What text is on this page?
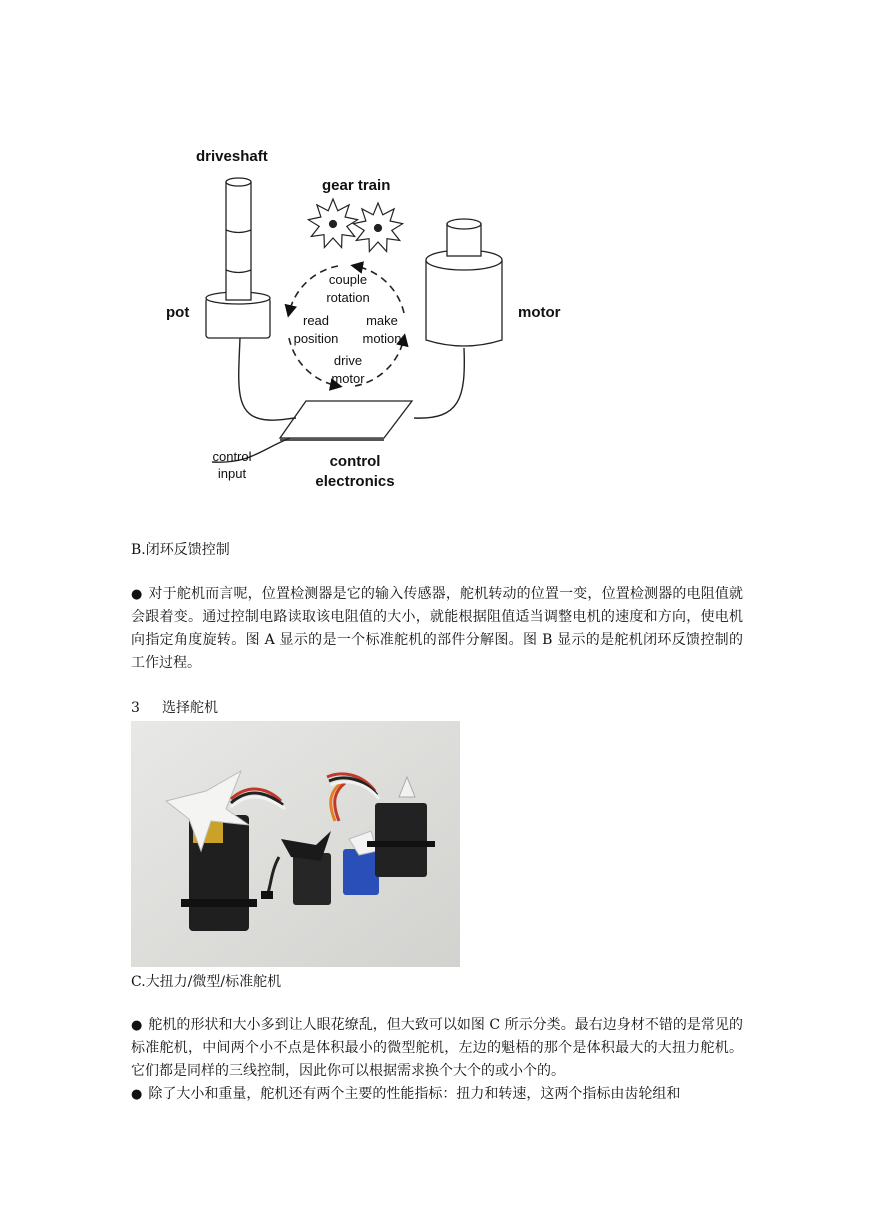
driveshaft
gear train
pot	motor
couple
rotation
read
position
make
motion
drive
motor
control
input
control
electronics
B.闭环反馈控制
● 对于舵机而言呢，位置检测器是它的输入传感器，舵机转动的位置一变，位置检测器的电阻值就会跟着变。通过控制电路读取该电阻值的大小，就能根据阻值适当调整电机的速度和方向，使电机向指定角度旋转。图 A 显示的是一个标准舵机的部件分解图。图 B 显示的是舵机闭环反馈控制的工作过程。
3 选择舵机
C.大扭力/微型/标准舵机
● 舵机的形状和大小多到让人眼花缭乱，但大致可以如图 C 所示分类。最右边身材不错的是常见的标准舵机，中间两个小不点是体积最小的微型舵机，左边的魁梧的那个是体积最大的大扭力舵机。它们都是同样的三线控制，因此你可以根据需求换个大个的或小个的。
● 除了大小和重量，舵机还有两个主要的性能指标：扭力和转速，这两个指标由齿轮组和
